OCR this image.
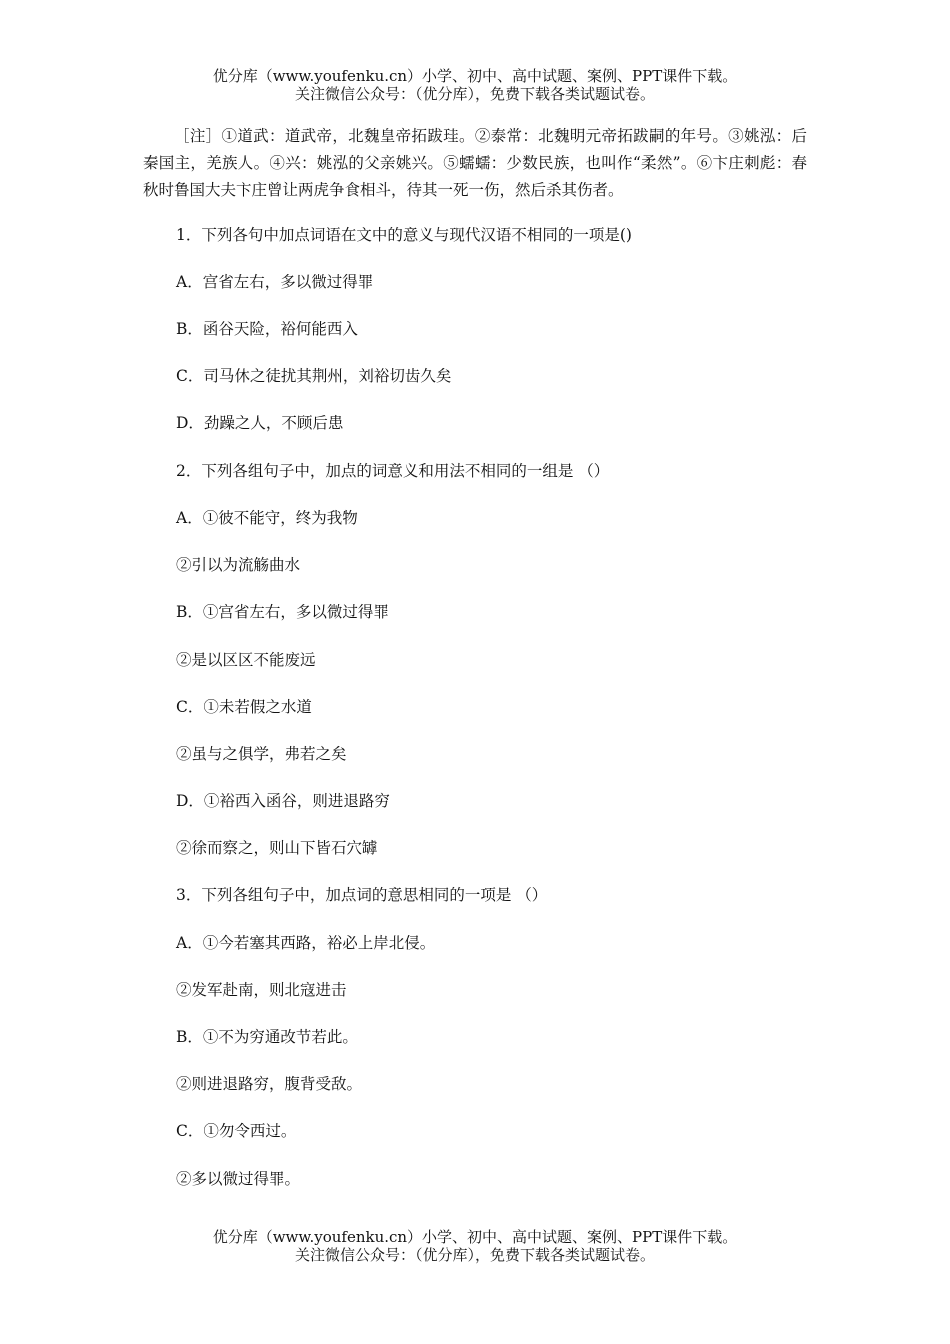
优分库（www.youfenku.cn）小学、初中、高中试题、案例、PPT课件下载。
关注微信公众号：（优分库），免费下载各类试题试卷。
［注］①道武：道武帝，北魏皇帝拓跋珪。②泰常：北魏明元帝拓跋嗣的年号。③姚泓：后秦国主，羌族人。④兴：姚泓的父亲姚兴。⑤蠕蠕：少数民族，也叫作“柔然”。⑥卞庄刺彪：春秋时鲁国大夫卞庄曾让两虎争食相斗，待其一死一伤，然后杀其伤者。
1．下列各句中加点词语在文中的意义与现代汉语不相同的一项是()
A．宫省左右，多以微过得罪
B．函谷天险，裕何能西入
C．司马休之徒扰其荆州，刘裕切齿久矣
D．劲躁之人，不顾后患
2．下列各组句子中，加点的词意义和用法不相同的一组是 （）
A．①彼不能守，终为我物
②引以为流觞曲水
B．①宫省左右，多以微过得罪
②是以区区不能废远
C．①未若假之水道
②虽与之俱学，弗若之矣
D．①裕西入函谷，则进退路穷
②徐而察之，则山下皆石穴罅
3．下列各组句子中，加点词的意思相同的一项是 （）
A．①今若塞其西路，裕必上岸北侵。
②发军赴南，则北寇进击
B．①不为穷通改节若此。
②则进退路穷，腹背受敌。
C．①勿令西过。
②多以微过得罪。
优分库（www.youfenku.cn）小学、初中、高中试题、案例、PPT课件下载。
关注微信公众号：（优分库），免费下载各类试题试卷。
